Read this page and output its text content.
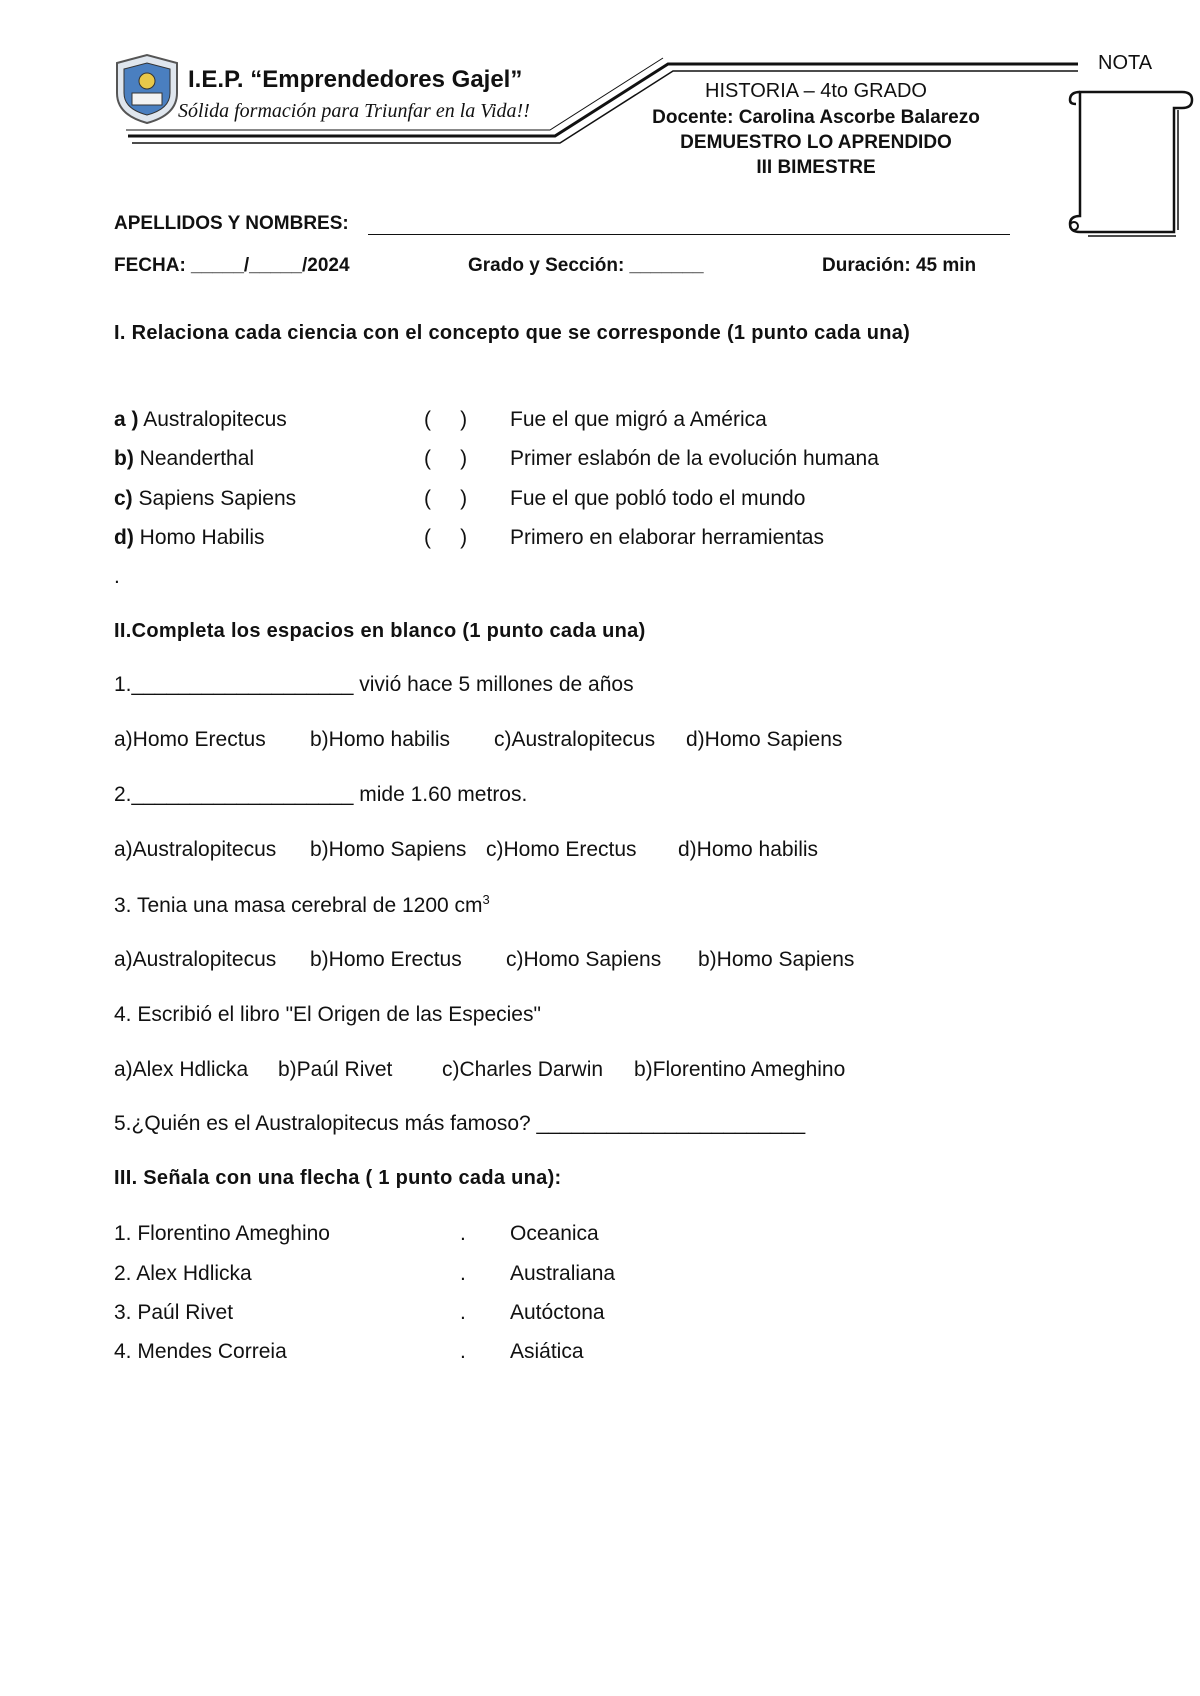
I.E.P. “Emprendedores Gajel”
Sólida formación para Triunfar en la Vida!!
HISTORIA – 4to GRADO
Docente: Carolina Ascorbe Balarezo
DEMUESTRO LO APRENDIDO
III BIMESTRE
NOTA
APELLIDOS Y NOMBRES:
FECHA: _____/_____/2024	Grado y Sección: _______	Duración: 45 min
I. Relaciona cada ciencia con el concepto que se corresponde (1 punto cada una)
a ) Australopitecus	(     ) Fue el que migró a América
b) Neanderthal	(     ) Primer eslabón de la evolución humana
c) Sapiens Sapiens	(     ) Fue el que pobló todo el mundo
d) Homo Habilis	(     ) Primero en elaborar herramientas
.
II.Completa los espacios en blanco (1 punto cada una)
1.___________________ vivió hace 5 millones de años
a)Homo Erectus b)Homo habilis c)Australopitecus d)Homo Sapiens
2.___________________ mide 1.60 metros.
a)Australopitecus b)Homo Sapiens c)Homo Erectus d)Homo habilis
3. Tenia una masa cerebral de 1200 $cm^3$
a)Australopitecus b)Homo Erectus c)Homo Sapiens b)Homo Sapiens
4. Escribió el libro "El Origen de las Especies"
a)Alex Hdlicka b)Paúl Rivet c)Charles Darwin b)Florentino Ameghino
5.¿Quién es el Australopitecus más famoso? _______________________
III. Señala con una flecha ( 1 punto cada una):
1. Florentino Ameghino	. Oceanica
2. Alex Hdlicka	. Australiana
3. Paúl Rivet	. Autóctona
4. Mendes Correia	. Asiática
